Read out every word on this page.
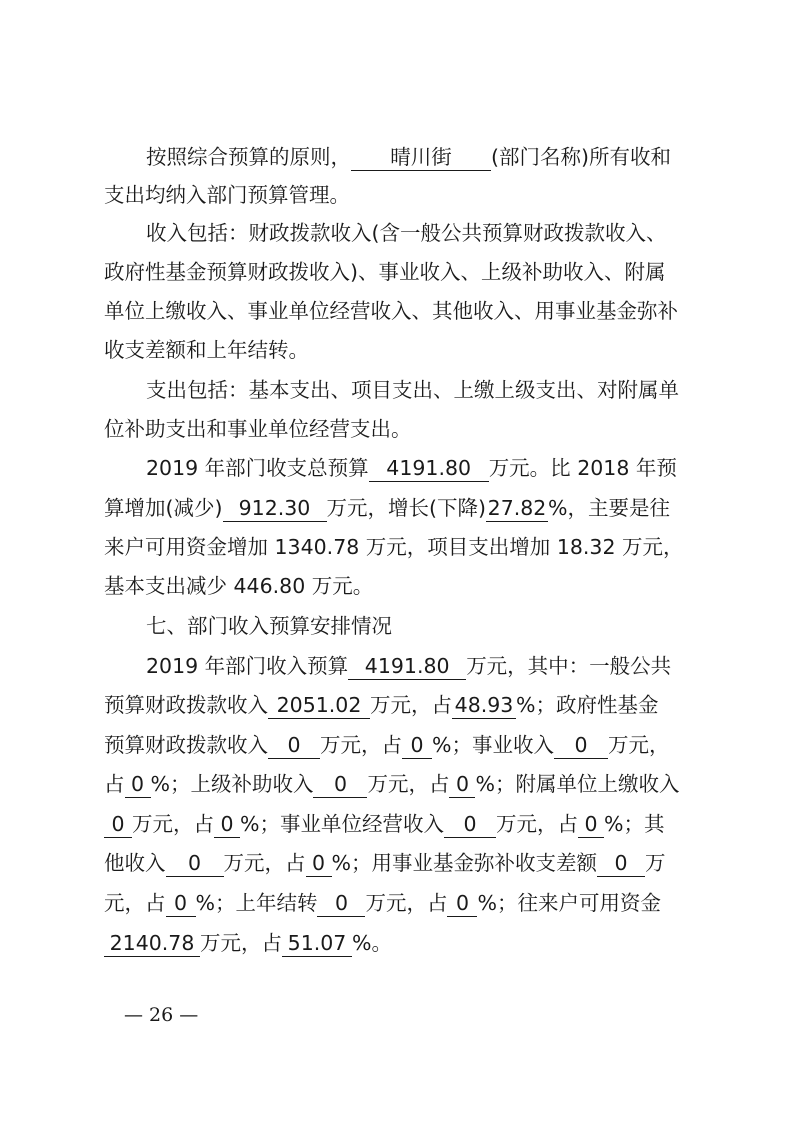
按照综合预算的原则， 晴川街 (部门名称)所有收和
支出均纳入部门预算管理。
收入包括：财政拨款收入(含一般公共预算财政拨款收入、
政府性基金预算财政拨收入)、事业收入、上级补助收入、附属
单位上缴收入、事业单位经营收入、其他收入、用事业基金弥补
收支差额和上年结转。
支出包括：基本支出、项目支出、上缴上级支出、对附属单
位补助支出和事业单位经营支出。
2019 年部门收支总预算 4191.80 万元。比 2018 年预
算增加(减少) 912.30 万元，增长(下降)27.82%，主要是往
来户可用资金增加 1340.78 万元，项目支出增加 18.32 万元，
基本支出减少 446.80 万元。
七、部门收入预算安排情况
2019 年部门收入预算 4191.80 万元，其中：一般公共
预算财政拨款收入 2051.02 万元，占 48.93 %；政府性基金
预算财政拨款收入 0 万元，占 0 %；事业收入 0 万元，
占 0 %；上级补助收入 0 万元，占 0 %；附属单位上缴收入
0 万元，占 0 %；事业单位经营收入 0 万元，占 0 %；其
他收入 0 万元，占 0 %；用事业基金弥补收支差额 0 万
元，占 0 %；上年结转 0 万元，占 0 %；往来户可用资金
2140.78 万元，占 51.07 %。
— 26 —
